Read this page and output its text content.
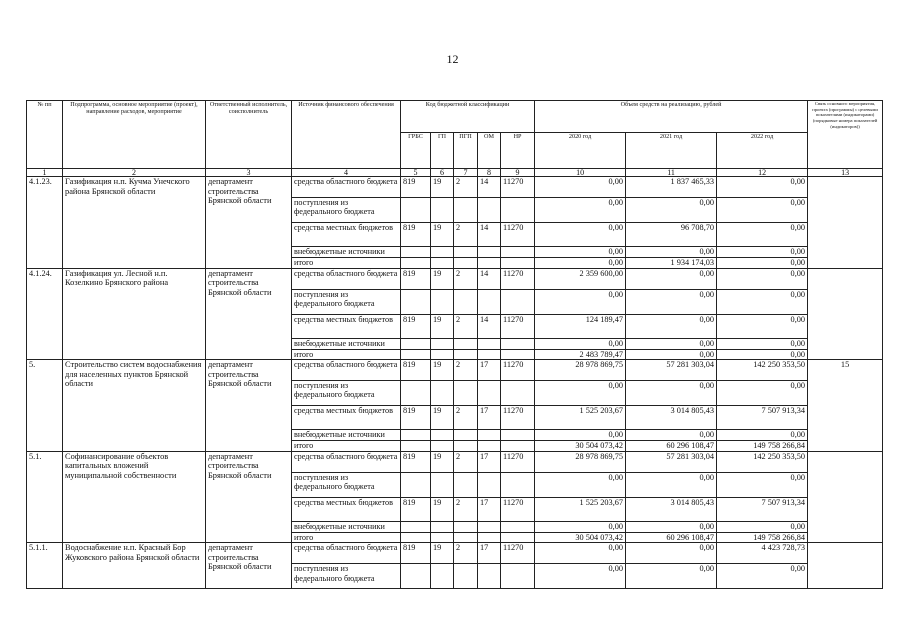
12
№ пп	Подпрограмма, основное мероприятие (проект), направление расходов, мероприятие	Ответственный исполнитель, соисполнитель	Источник финансового обеспечения	Код бюджетной классификации					Объем средств на реализацию, рублей			Связь основного мероприятия, проекта (программы) с целевыми показателями (индикаторами) (порядковые номера показателей (индикаторов))
				ГРБС	ГП	ПГП	ОМ	НР	2020 год	2021 год	2022 год	
1	2	3	4	5	6	7	8	9	10	11	12	13
4.1.23.	Газификация н.п. Кучма Унечского района Брянской области	департамент строительства Брянской области	средства областного бюджета	819	19	2	14	11270	0,00	1 837 465,33	0,00	
			поступления из федерального бюджета						0,00	0,00	0,00	
			средства местных бюджетов	819	19	2	14	11270	0,00	96 708,70	0,00	
			внебюджетные источники						0,00	0,00	0,00	
			итого						0,00	1 934 174,03	0,00	
4.1.24.	Газификация ул. Лесной н.п. Козелкино Брянского района	департамент строительства Брянской области	средства областного бюджета	819	19	2	14	11270	2 359 600,00	0,00	0,00	
			поступления из федерального бюджета						0,00	0,00	0,00	
			средства местных бюджетов	819	19	2	14	11270	124 189,47	0,00	0,00	
			внебюджетные источники						0,00	0,00	0,00	
			итого						2 483 789,47	0,00	0,00	
5.	Строительство систем водоснабжения для населенных пунктов Брянской области	департамент строительства Брянской области	средства областного бюджета	819	19	2	17	11270	28 978 869,75	57 281 303,04	142 250 353,50	15
			поступления из федерального бюджета						0,00	0,00	0,00	
			средства местных бюджетов	819	19	2	17	11270	1 525 203,67	3 014 805,43	7 507 913,34	
			внебюджетные источники						0,00	0,00	0,00	
			итого						30 504 073,42	60 296 108,47	149 758 266,84	
5.1.	Софинансирование объектов капитальных вложений муниципальной собственности	департамент строительства Брянской области	средства областного бюджета	819	19	2	17	11270	28 978 869,75	57 281 303,04	142 250 353,50	
			поступления из федерального бюджета						0,00	0,00	0,00	
			средства местных бюджетов	819	19	2	17	11270	1 525 203,67	3 014 805,43	7 507 913,34	
			внебюджетные источники						0,00	0,00	0,00	
			итого						30 504 073,42	60 296 108,47	149 758 266,84	
5.1.1.	Водоснабжение н.п. Красный Бор Жуковского района Брянской области	департамент строительства Брянской области	средства областного бюджета	819	19	2	17	11270	0,00	0,00	4 423 728,73	
			поступления из федерального бюджета						0,00	0,00	0,00	
